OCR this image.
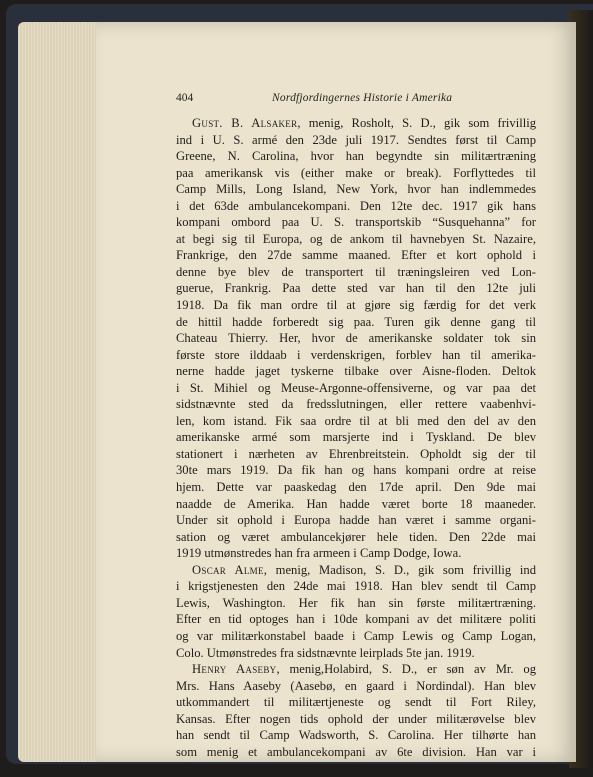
404	Nordfjordingernes Historie i Amerika
Gust. B. Alsaker, menig, Rosholt, S. D., gik som frivillig
ind i U. S. armé den 23de juli 1917. Sendtes først til Camp
Greene, N. Carolina, hvor han begyndte sin militærtræning
paa amerikansk vis (either make or break). Forflyttedes til
Camp Mills, Long Island, New York, hvor han indlemmedes
i det 63de ambulancekompani. Den 12te dec. 1917 gik hans
kompani ombord paa U. S. transportskib “Susquehanna” for
at begi sig til Europa, og de ankom til havnebyen St. Nazaire,
Frankrige, den 27de samme maaned. Efter et kort ophold i
denne bye blev de transportert til træningsleiren ved Lon-
guerue, Frankrig. Paa dette sted var han til den 12te juli
1918. Da fik man ordre til at gjøre sig færdig for det verk
de hittil hadde forberedt sig paa. Turen gik denne gang til
Chateau Thierry. Her, hvor de amerikanske soldater tok sin
første store ilddaab i verdenskrigen, forblev han til amerika-
nerne hadde jaget tyskerne tilbake over Aisne-floden. Deltok
i St. Mihiel og Meuse-Argonne-offensiverne, og var paa det
sidstnævnte sted da fredsslutningen, eller rettere vaabenhvi-
len, kom istand. Fik saa ordre til at bli med den del av den
amerikanske armé som marsjerte ind i Tyskland. De blev
stationert i nærheten av Ehrenbreitstein. Opholdt sig der til
30te mars 1919. Da fik han og hans kompani ordre at reise
hjem. Dette var paaskedag den 17de april. Den 9de mai
naadde de Amerika. Han hadde været borte 18 maaneder.
Under sit ophold i Europa hadde han været i samme organi-
sation og været ambulancekjører hele tiden. Den 22de mai
1919 utmønstredes han fra armeen i Camp Dodge, Iowa.
Oscar Alme, menig, Madison, S. D., gik som frivillig ind
i krigstjenesten den 24de mai 1918. Han blev sendt til Camp
Lewis, Washington. Her fik han sin første militærtræning.
Efter en tid optoges han i 10de kompani av det militære politi
og var militærkonstabel baade i Camp Lewis og Camp Logan,
Colo. Utmønstredes fra sidstnævnte leirplads 5te jan. 1919.
Henry Aaseby, menig,Holabird, S. D., er søn av Mr. og
Mrs. Hans Aaseby (Aasebø, en gaard i Nordindal). Han blev
utkommandert til militærtjeneste og sendt til Fort Riley,
Kansas. Efter nogen tids ophold der under militærøvelse blev
han sendt til Camp Wadsworth, S. Carolina. Her tilhørte han
som menig et ambulancekompani av 6te division. Han var i
militærtjenesten omtrent 10 maaneder.
